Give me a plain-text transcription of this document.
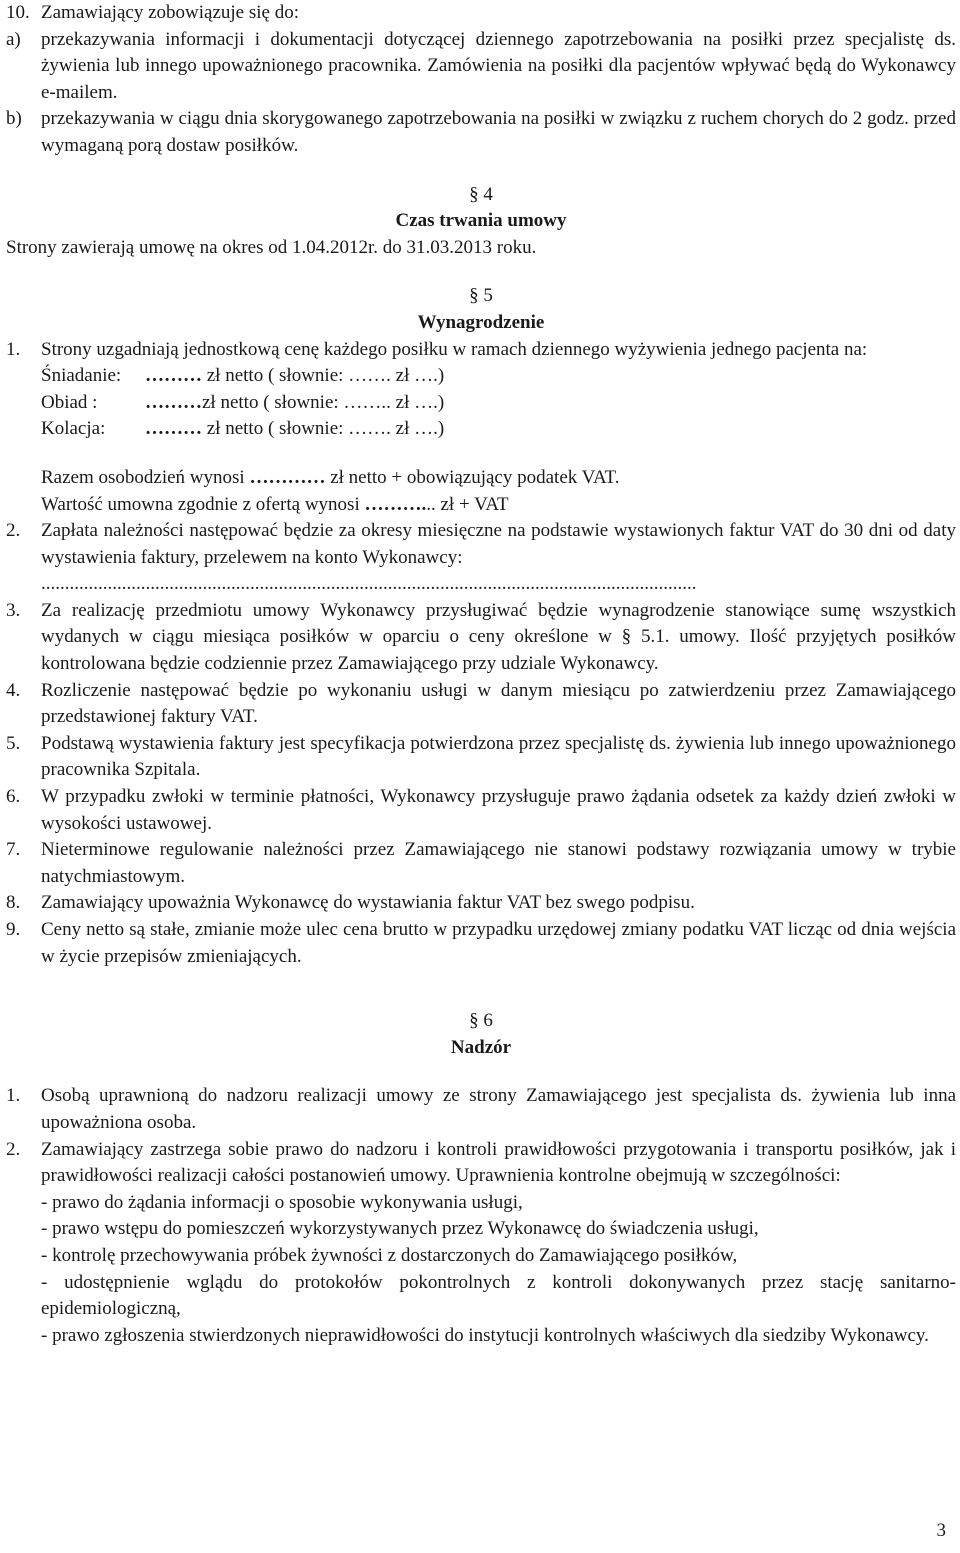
10. Zamawiający zobowiązuje się do:
a)	przekazywania informacji i dokumentacji dotyczącej dziennego zapotrzebowania na posiłki przez specjalistę ds. żywienia lub innego upoważnionego pracownika. Zamówienia na posiłki dla pacjentów wpływać będą do Wykonawcy e-mailem.
b)	przekazywania w ciągu dnia skorygowanego zapotrzebowania na posiłki w związku z ruchem chorych do 2 godz. przed wymaganą porą dostaw posiłków.

§ 4

Czas trwania umowy

Strony zawierają umowę na okres od 1.04.2012r. do 31.03.2013 roku.

§ 5

Wynagrodzenie

1.	Strony uzgadniają jednostkową cenę każdego posiłku w ramach dziennego wyżywienia jednego pacjenta na:
Śniadanie:	……… zł netto ( słownie: ……. zł ….)
Obiad :	………zł netto ( słownie: …….. zł ….)
Kolacja:	……… zł netto ( słownie: ……. zł ….)

Razem osobodzień wynosi ………… zł netto + obowiązujący podatek VAT.

Wartość umowna zgodnie z ofertą wynosi ………... zł + VAT

2.	Zapłata należności następować będzie za okresy miesięczne na podstawie wystawionych faktur VAT do 30 dni od daty wystawienia faktury, przelewem na konto Wykonawcy:

..........................................................................................................................................
3.	Za realizację przedmiotu umowy Wykonawcy przysługiwać będzie wynagrodzenie stanowiące sumę wszystkich wydanych w ciągu miesiąca posiłków w oparciu o ceny określone w § 5.1. umowy. Ilość przyjętych posiłków kontrolowana będzie codziennie przez Zamawiającego przy udziale Wykonawcy.
4.	Rozliczenie następować będzie po wykonaniu usługi w danym miesiącu po zatwierdzeniu przez Zamawiającego przedstawionej faktury VAT.
5.	Podstawą wystawienia faktury jest specyfikacja potwierdzona przez specjalistę ds. żywienia lub innego upoważnionego pracownika Szpitala.
6.	W przypadku zwłoki w terminie płatności, Wykonawcy przysługuje prawo żądania odsetek za każdy dzień zwłoki w wysokości ustawowej.
7.	Nieterminowe regulowanie należności przez Zamawiającego nie stanowi podstawy rozwiązania umowy w trybie natychmiastowym.
8.	Zamawiający upoważnia Wykonawcę do wystawiania faktur VAT bez swego podpisu.
9.	Ceny netto są stałe, zmianie może ulec cena brutto w przypadku urzędowej zmiany podatku VAT licząc od dnia wejścia w życie przepisów zmieniających.

§ 6

Nadzór

1.	Osobą uprawnioną do nadzoru realizacji umowy ze strony Zamawiającego jest specjalista ds. żywienia lub inna upoważniona osoba.
2.	Zamawiający zastrzega sobie prawo do nadzoru i kontroli prawidłowości przygotowania i transportu posiłków, jak i prawidłowości realizacji całości postanowień umowy. Uprawnienia kontrolne obejmują w szczególności:
- prawo do żądania informacji o sposobie wykonywania usługi,
- prawo wstępu do pomieszczeń wykorzystywanych przez Wykonawcę do świadczenia usługi,
- kontrolę przechowywania próbek żywności z dostarczonych do Zamawiającego posiłków,
- udostępnienie wglądu do protokołów pokontrolnych z kontroli dokonywanych przez stację sanitarno-epidemiologiczną,
- prawo zgłoszenia stwierdzonych nieprawidłowości do instytucji kontrolnych właściwych dla siedziby Wykonawcy.
3
